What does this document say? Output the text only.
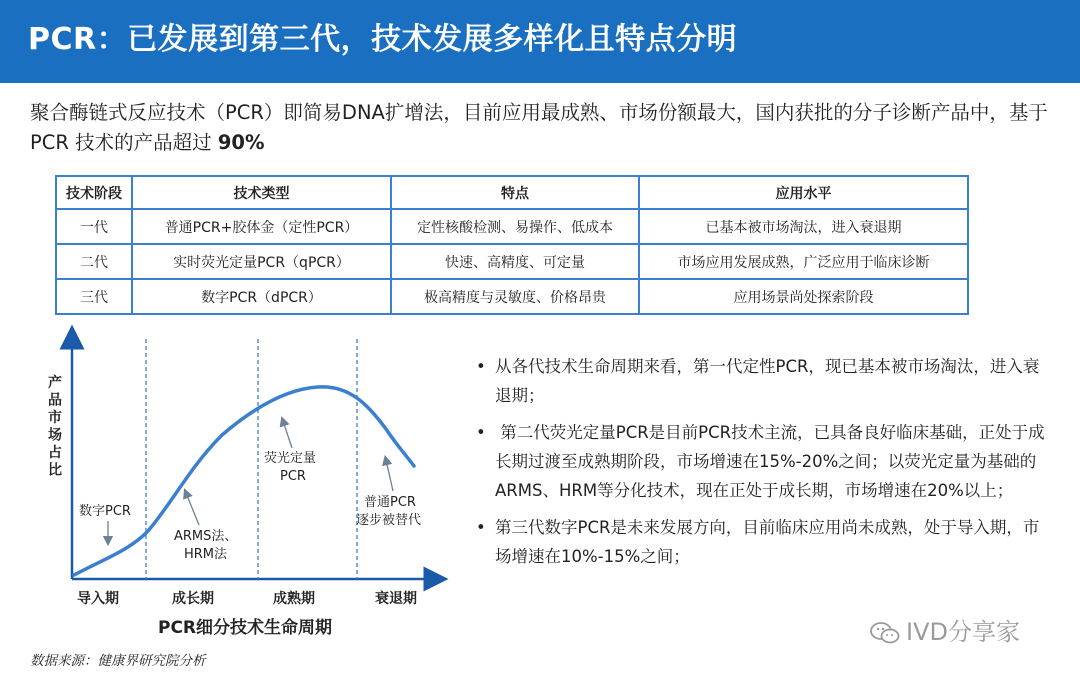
PCR：已发展到第三代，技术发展多样化且特点分明
聚合酶链式反应技术（PCR）即简易DNA扩增法，目前应用最成熟、市场份额最大，国内获批的分子诊断产品中，基于 PCR 技术的产品超过 90%
技术阶段	技术类型	特点	应用水平
一代	普通PCR+胶体金（定性PCR）	定性核酸检测、易操作、低成本	已基本被市场淘汰，进入衰退期
二代	实时荧光定量PCR（qPCR）	快速、高精度、可定量	市场应用发展成熟，广泛应用于临床诊断
三代	数字PCR（dPCR）	极高精度与灵敏度、价格昂贵	应用场景尚处探索阶段
产品市场占比
数字PCR
ARMS法、
HRM法
荧光定量
PCR
普通PCR
逐步被替代
导入期	成长期	成熟期	衰退期
PCR细分技术生命周期
• 从各代技术生命周期来看，第一代定性PCR，现已基本被市场淘汰，进入衰退期；
• 第二代荧光定量PCR是目前PCR技术主流，已具备良好临床基础，正处于成长期过渡至成熟期阶段，市场增速在15%-20%之间；以荧光定量为基础的ARMS、HRM等分化技术，现在正处于成长期，市场增速在20%以上；
• 第三代数字PCR是未来发展方向，目前临床应用尚未成熟，处于导入期，市场增速在10%-15%之间；
数据来源：健康界研究院分析
IVD分享家
